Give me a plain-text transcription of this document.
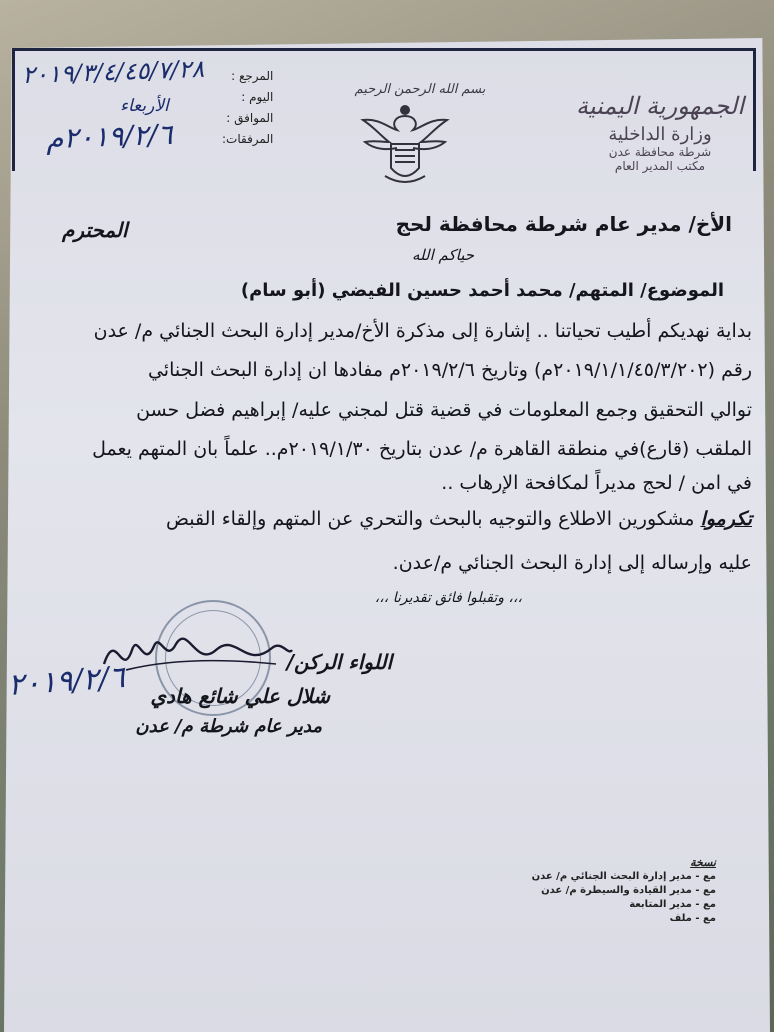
الجمهورية اليمنية
وزارة الداخلية
شرطة محافظة عدن
مكتب المدير العام
بسم الله الرحمن الرحيم
المرجع :
اليوم :
الموافق :
المرفقات:
٢٠١٩/٣/٤/٤٥/٧/٢٨
الأربعاء
٢٠١٩/٢/٦م
الأخ/ مدير عام شرطة محافظة لحج
المحترم
حياكم الله
الموضوع/ المتهم/ محمد أحمد حسين الفيضي (أبو سام)
بداية نهديكم أطيب تحياتنا .. إشارة إلى مذكرة الأخ/مدير إدارة البحث الجنائي م/ عدن
رقم (٢٠١٩/١/١/٤٥/٣/٢٠٢م) وتاريخ ٢٠١٩/٢/٦م مفادها ان إدارة البحث الجنائي
توالي التحقيق وجمع المعلومات في قضية قتل لمجني عليه/ إبراهيم فضل حسن
الملقب (قارع)في منطقة القاهرة م/ عدن بتاريخ ٢٠١٩/١/٣٠م.. علماً بان المتهم يعمل
في امن / لحج مديراً لمكافحة الإرهاب ..
تكرموا مشكورين الاطلاع والتوجيه بالبحث والتحري عن المتهم وإلقاء القبض
عليه وإرساله إلى إدارة البحث الجنائي م/عدن.
،،، وتقبلوا فائق تقديرنا ،،،
٢٠١٩/٢/٦	اللواء الركن/
شلال علي شائع هادي
مدير عام شرطة م/ عدن
نسخة
مع - مدير إدارة البحث الجنائي م/ عدن
مع - مدير القيادة والسيطرة م/ عدن
مع - مدير المتابعة
مع - ملف
